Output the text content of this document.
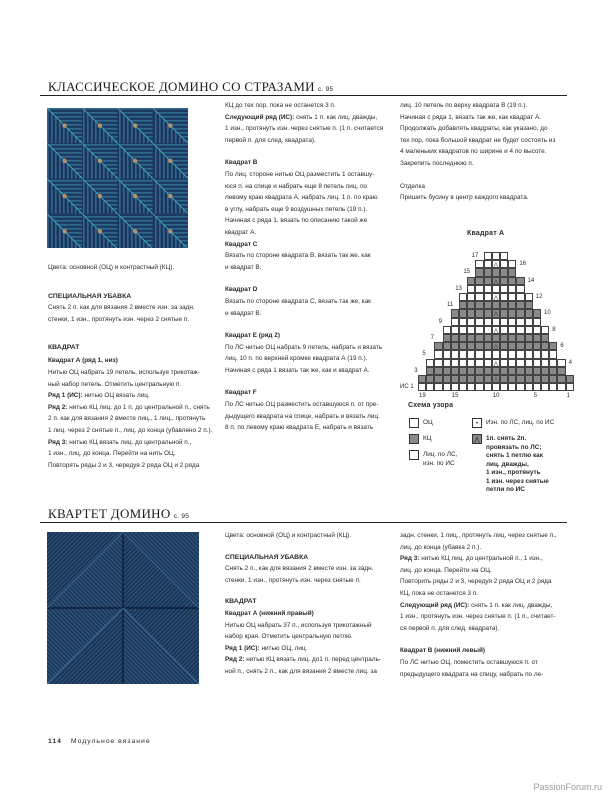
КЛАССИЧЕСКОЕ ДОМИНО СО СТРАЗАМИ с. 95
Цвета: основной (ОЦ) и контрастный (КЦ).
СПЕЦИАЛЬНАЯ УБАВКА
Снять 2 п. как для вязания 2 вместе изн. за задн.
стенки, 1 изн., протянуть изн. через 2 снятые п.
КВАДРАТ
Квадрат А (ряд 1, низ)
Нитью ОЦ набрать 19 петель, используя трикотаж-
ный набор петель. Отметить центральную п.
Ряд 1 (ИС): нитью ОЦ вязать лиц.
Ряд 2: нитью КЦ лиц. до 1 п. до центральной п., снять
2 п. как для вязания 2 вместе лиц., 1 лиц., протянуть
1 лиц. через 2 снятые п., лиц. до конца (убавлено 2 п.).
Ряд 3: нитью КЦ вязать лиц. до центральной п.,
1 изн., лиц. до конца. Перейти на нить ОЦ.
Повторять ряды 2 и 3, чередуя 2 ряда ОЦ и 2 ряда
КЦ до тех пор, пока не останется 3 п.
Следующий ряд (ИС): снять 1 п. как лиц. дважды,
1 изн., протянуть изн. через снятые п. (1 п. считается
первой п. для след. квадрата).
Квадрат В
По лиц. стороне нитью ОЦ разместить 1 оставшу-
юся п. на спице и набрать еще 8 петель лиц. по
левому краю квадрата А, набрать лиц. 1 п. по краю
в углу, набрать еще 9 воздушных петель (19 п.).
Начиная с ряда 1, вязать по описанию такой же
квадрат А.
Квадрат С
Вязать по стороне квадрата В, вязать так же, как
и квадрат В.
Квадрат D
Вязать по стороне квадрата С, вязать так же, как
и квадрат В.
Квадрат Е (ряд 2)
По ЛС нитью ОЦ набрать 9 петель, набрать и вязать
лиц. 10 п. по верхней кромке квадрата А (19 п.).
Начиная с ряда 1 вязать так же, как и квадрат А.
Квадрат F
По ЛС нитью ОЦ разместить оставшуюся п. от пре-
дыдущего квадрата на спице, набрать и вязать лиц.
8 п. по левому краю квадрата Е, набрать и вязать
лиц. 10 петель по верху квадрата В (19 п.).
Начиная с ряда 1, вязать так же, как квадрат А.
Продолжать добавлять квадраты, как указано, до
тех пор, пока большой квадрат не будет состоять из
4 маленьких квадратов по ширине и 4 по высоте.
Закрепить последнюю п.
Отделка
Пришить бусину в центр каждого квадрата.
Квадрат А
⋀
⋀
⋀
⋀
⋀
⋀
⋀
⋀
17
15
13
11
9
7
5
3
ИС 1
16
14
12
10
8
6
4
19	15	10	5	1
Схема узора
ОЦ
КЦ
Лиц. по ЛС,
изн. по ИС
•	Изн. по ЛС, лиц. по ИС
⋀ 1п. снять 2п.
провязать по ЛС;
снять 1 петлю как
лиц. дважды,
1 изн., протянуть
1 изн. через снятые
петли по ИС
КВАРТЕТ ДОМИНО с. 95
Цвета: основной (ОЦ) и контрастный (КЦ).
СПЕЦИАЛЬНАЯ УБАВКА
Снять 2 п., как для вязания 2 вместе изн. за задн.
стенки, 1 изн., протянуть изн. через снятые п.
КВАДРАТ
Квадрат А (нижний правый)
Нитью ОЦ набрать 37 п., используя трикотажный
набор края. Отметить центральную петлю.
Ряд 1 (ИС): нитью ОЦ, лиц.
Ряд 2: нитью КЦ вязать лиц. до1 п. перед централь-
ной п., снять 2 п., как для вязания 2 вместе лиц. за
задн. стенки, 1 лиц., протянуть лиц. через снятые п.,
лиц. до конца (убавка 2 п.).
Ряд 3: нитью КЦ лиц. до центральной п., 1 изн.,
лиц. до конца. Перейти на ОЦ.
Повторить ряды 2 и 3, чередуя 2 ряда ОЦ и 2 ряда
КЦ, пока не останется 3 п.
Следующий ряд (ИС): снять 1 п. как лиц. дважды,
1 изн., протянуть изн. через снятые п. (1 п., считает-
ся первой п. для след. квадрата).
Квадрат В (нижний левый)
По ЛС нитью ОЦ, поместить оставшуюся п. от
предыдущего квадрата на спицу, набрать по ле-
114 Модульное вязание
PassionForum.ru
